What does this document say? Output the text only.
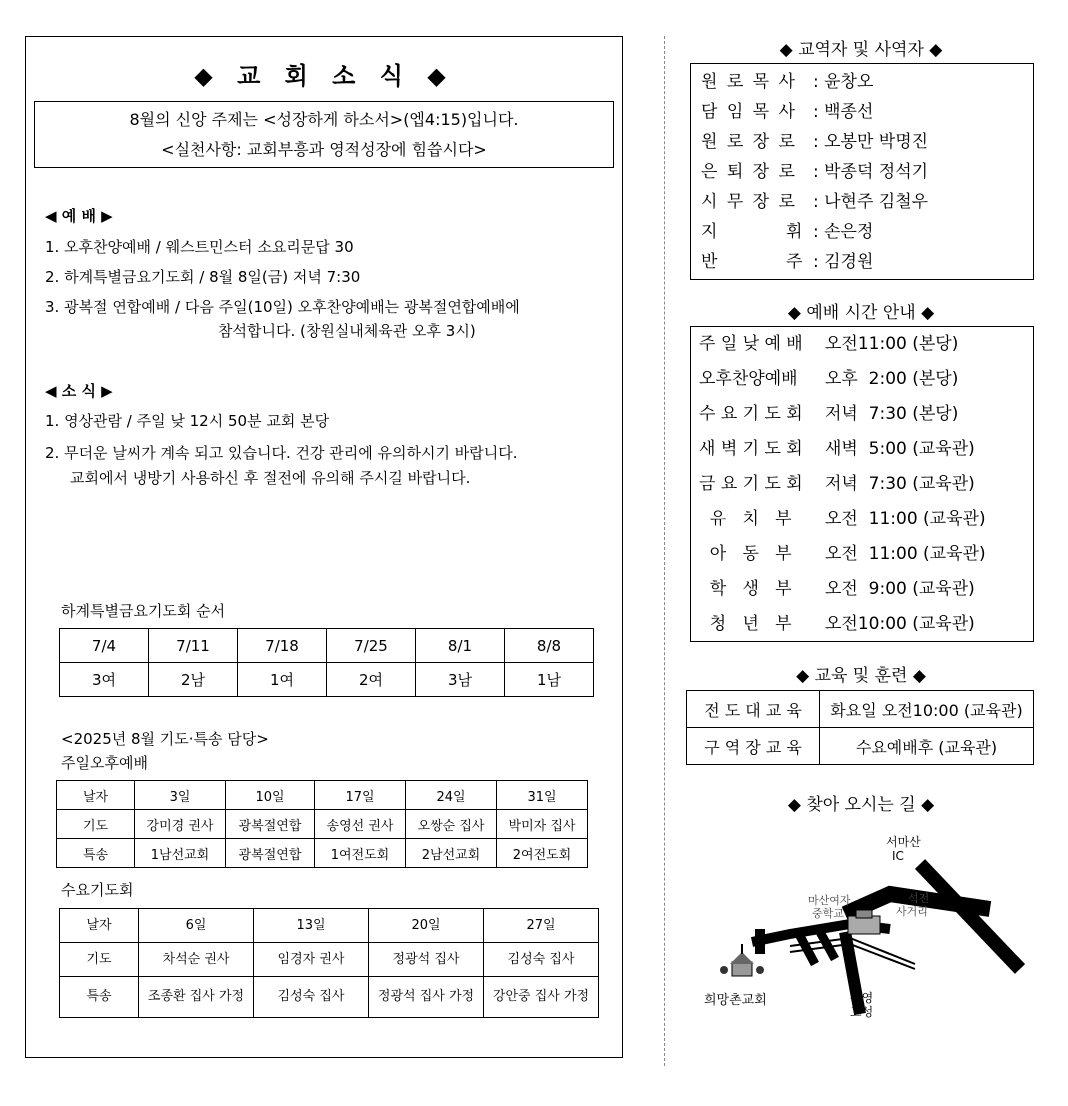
◆ 교 회 소 식 ◆
8월의 신앙 주제는 <성장하게 하소서>(엡4:15)입니다.
<실천사항: 교회부흥과 영적성장에 힘씁시다>
◀ 예 배 ▶
1. 오후찬양예배 / 웨스트민스터 소요리문답 30
2. 하계특별금요기도회 / 8월 8일(금) 저녁 7:30
3. 광복절 연합예배 / 다음 주일(10일) 오후찬양예배는 광복절연합예배에
참석합니다. (창원실내체육관 오후 3시)
◀ 소 식 ▶
1. 영상관람 / 주일 낮 12시 50분 교회 본당
2. 무더운 날씨가 계속 되고 있습니다. 건강 관리에 유의하시기 바랍니다.
교회에서 냉방기 사용하신 후 절전에 유의해 주시길 바랍니다.
하계특별금요기도회 순서
7/4	7/11	7/18	7/25	8/1	8/8
3여	2남	1여	2여	3남	1남
<2025년 8월 기도·특송 담당>
주일오후예배
날자	3일	10일	17일	24일	31일
기도	강미경 권사	광복절연합	송영선 권사	오쌍순 집사	박미자 집사
특송	1남선교회	광복절연합	1여전도회	2남선교회	2여전도회
수요기도회
날자	6일	13일	20일	27일
기도	차석순 권사	임경자 권사	정광석 집사	김성숙 집사
특송	조종환 집사 가정	김성숙 집사	정광석 집사 가정	강안중 집사 가정
◆ 교역자 및 사역자 ◆
원 로 목 사 : 윤창오
담 임 목 사 : 백종선
원 로 장 로 : 오봉만 박명진
은 퇴 장 로 : 박종덕 정석기
시 무 장 로 : 나현주 김철우
지         휘 : 손은정
반         주 : 김경원
◆ 예배 시간 안내 ◆
주 일 낮 예 배 오전11:00 (본당)
오후찬양예배 오후  2:00 (본당)
수 요 기 도 회 저녁  7:30 (본당)
새 벽 기 도 회 새벽  5:00 (교육관)
금 요 기 도 회 저녁  7:30 (교육관)
유   치   부 오전  11:00 (교육관)
아   동   부 오전  11:00 (교육관)
학   생   부 오전  9:00 (교육관)
청   년   부 오전10:00 (교육관)
◆ 교육 및 훈련 ◆
전 도 대 교 육	화요일 오전10:00 (교육관)
구 역 장 교 육	수요예배후 (교육관)
◆ 찾아 오시는 길 ◆
서마산
IC
마산여자
중학교
석전
사거리
희망촌교회	통영
고성
